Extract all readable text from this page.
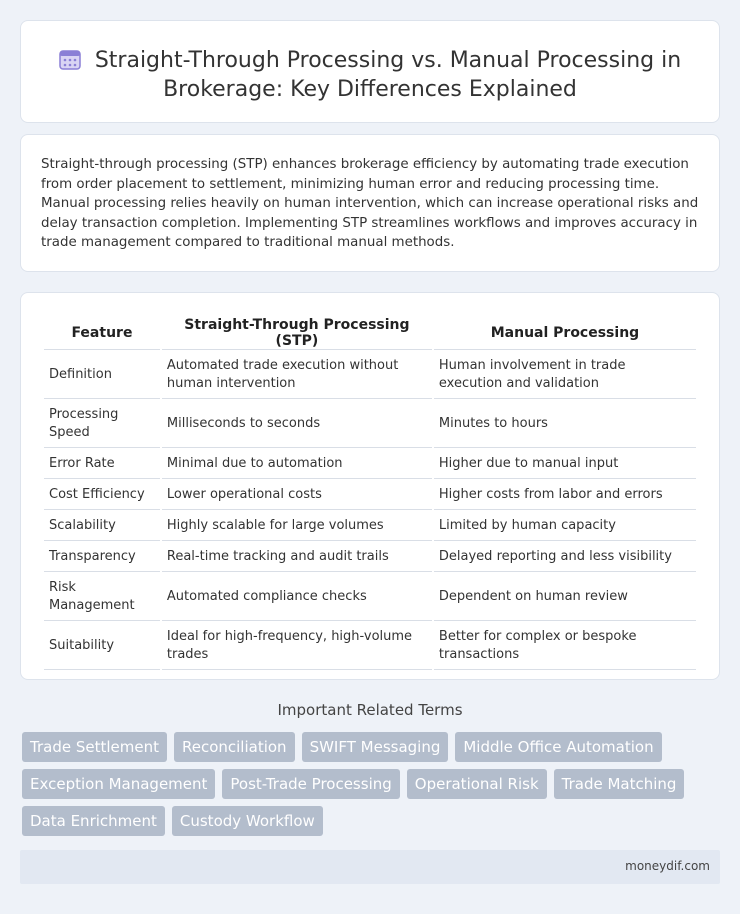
Straight-Through Processing vs. Manual Processing in
Brokerage: Key Differences Explained

Straight-through processing (STP) enhances brokerage efficiency by automating trade execution from order placement to settlement, minimizing human error and reducing processing time. Manual processing relies heavily on human intervention, which can increase operational risks and delay transaction completion. Implementing STP streamlines workflows and improves accuracy in trade management compared to traditional manual methods.

Feature	Straight-Through Processing (STP)	Manual Processing
Definition	Automated trade execution without human intervention	Human involvement in trade execution and validation
Processing Speed	Milliseconds to seconds	Minutes to hours
Error Rate	Minimal due to automation	Higher due to manual input
Cost Efficiency	Lower operational costs	Higher costs from labor and errors
Scalability	Highly scalable for large volumes	Limited by human capacity
Transparency	Real-time tracking and audit trails	Delayed reporting and less visibility
Risk Management	Automated compliance checks	Dependent on human review
Suitability	Ideal for high-frequency, high-volume trades	Better for complex or bespoke transactions
Important Related Terms
Trade Settlement	Reconciliation	SWIFT Messaging	Middle Office Automation
Exception Management	Post-Trade Processing	Operational Risk	Trade Matching
Data Enrichment	Custody Workflow
moneydif.com
